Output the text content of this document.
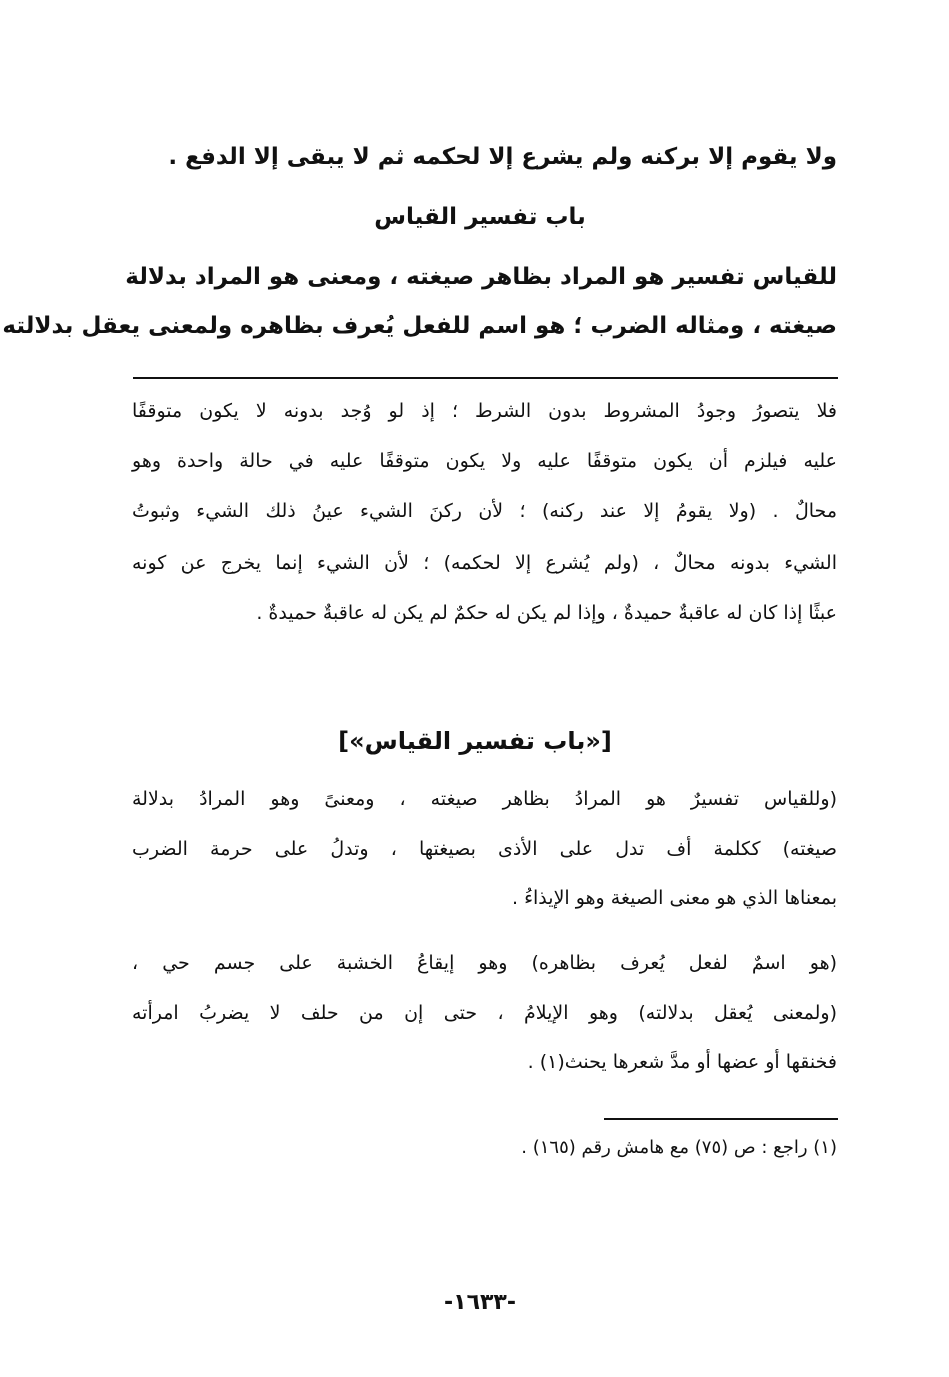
ولا يقوم إلا بركنه ولم يشرع إلا لحكمه ثم لا يبقى إلا الدفع .
باب تفسير القياس
للقياس تفسير هو المراد بظاهر صيغته ، ومعنى هو المراد بدلالة
صيغته ، ومثاله الضرب ؛ هو اسم للفعل يُعرف بظاهره ولمعنى يعقل بدلالته
فلا يتصورُ وجودُ المشروط بدون الشرط ؛ إذ لو وُجد بدونه لا يكون متوقفًا
عليه فيلزم أن يكون متوقفًا عليه ولا يكون متوقفًا عليه في حالة واحدة وهو
محالٌ . (ولا يقومُ إلا عند ركنه) ؛ لأن ركنَ الشيء عينُ ذلك الشيء وثبوتُ
الشيء بدونه محالٌ ، (ولم يُشرع إلا لحكمه) ؛ لأن الشيء إنما يخرج عن كونه
عبثًا إذا كان له عاقبةٌ حميدةٌ ، وإذا لم يكن له حكمٌ لم يكن له عاقبةٌ حميدةٌ .
[«باب تفسير القياس»]
(وللقياس تفسيرٌ هو المرادُ بظاهر صيغته ، ومعنىً وهو المرادُ بدلالة
صيغته) ككلمة أف تدل على الأذى بصيغتها ، وتدلُ على حرمة الضرب
بمعناها الذي هو معنى الصيغة وهو الإيذاءُ .
(هو اسمٌ لفعل يُعرف بظاهره) وهو إيقاعُ الخشبة على جسم حي ،
(ولمعنى يُعقل بدلالته) وهو الإيلامُ ، حتى إن من حلف لا يضربُ امرأته
فخنقها أو عضها أو مدَّ شعرها يحنث(١) .
(١) راجع : ص (٧٥) مع هامش رقم (١٦٥) .
-١٦٣٣-
